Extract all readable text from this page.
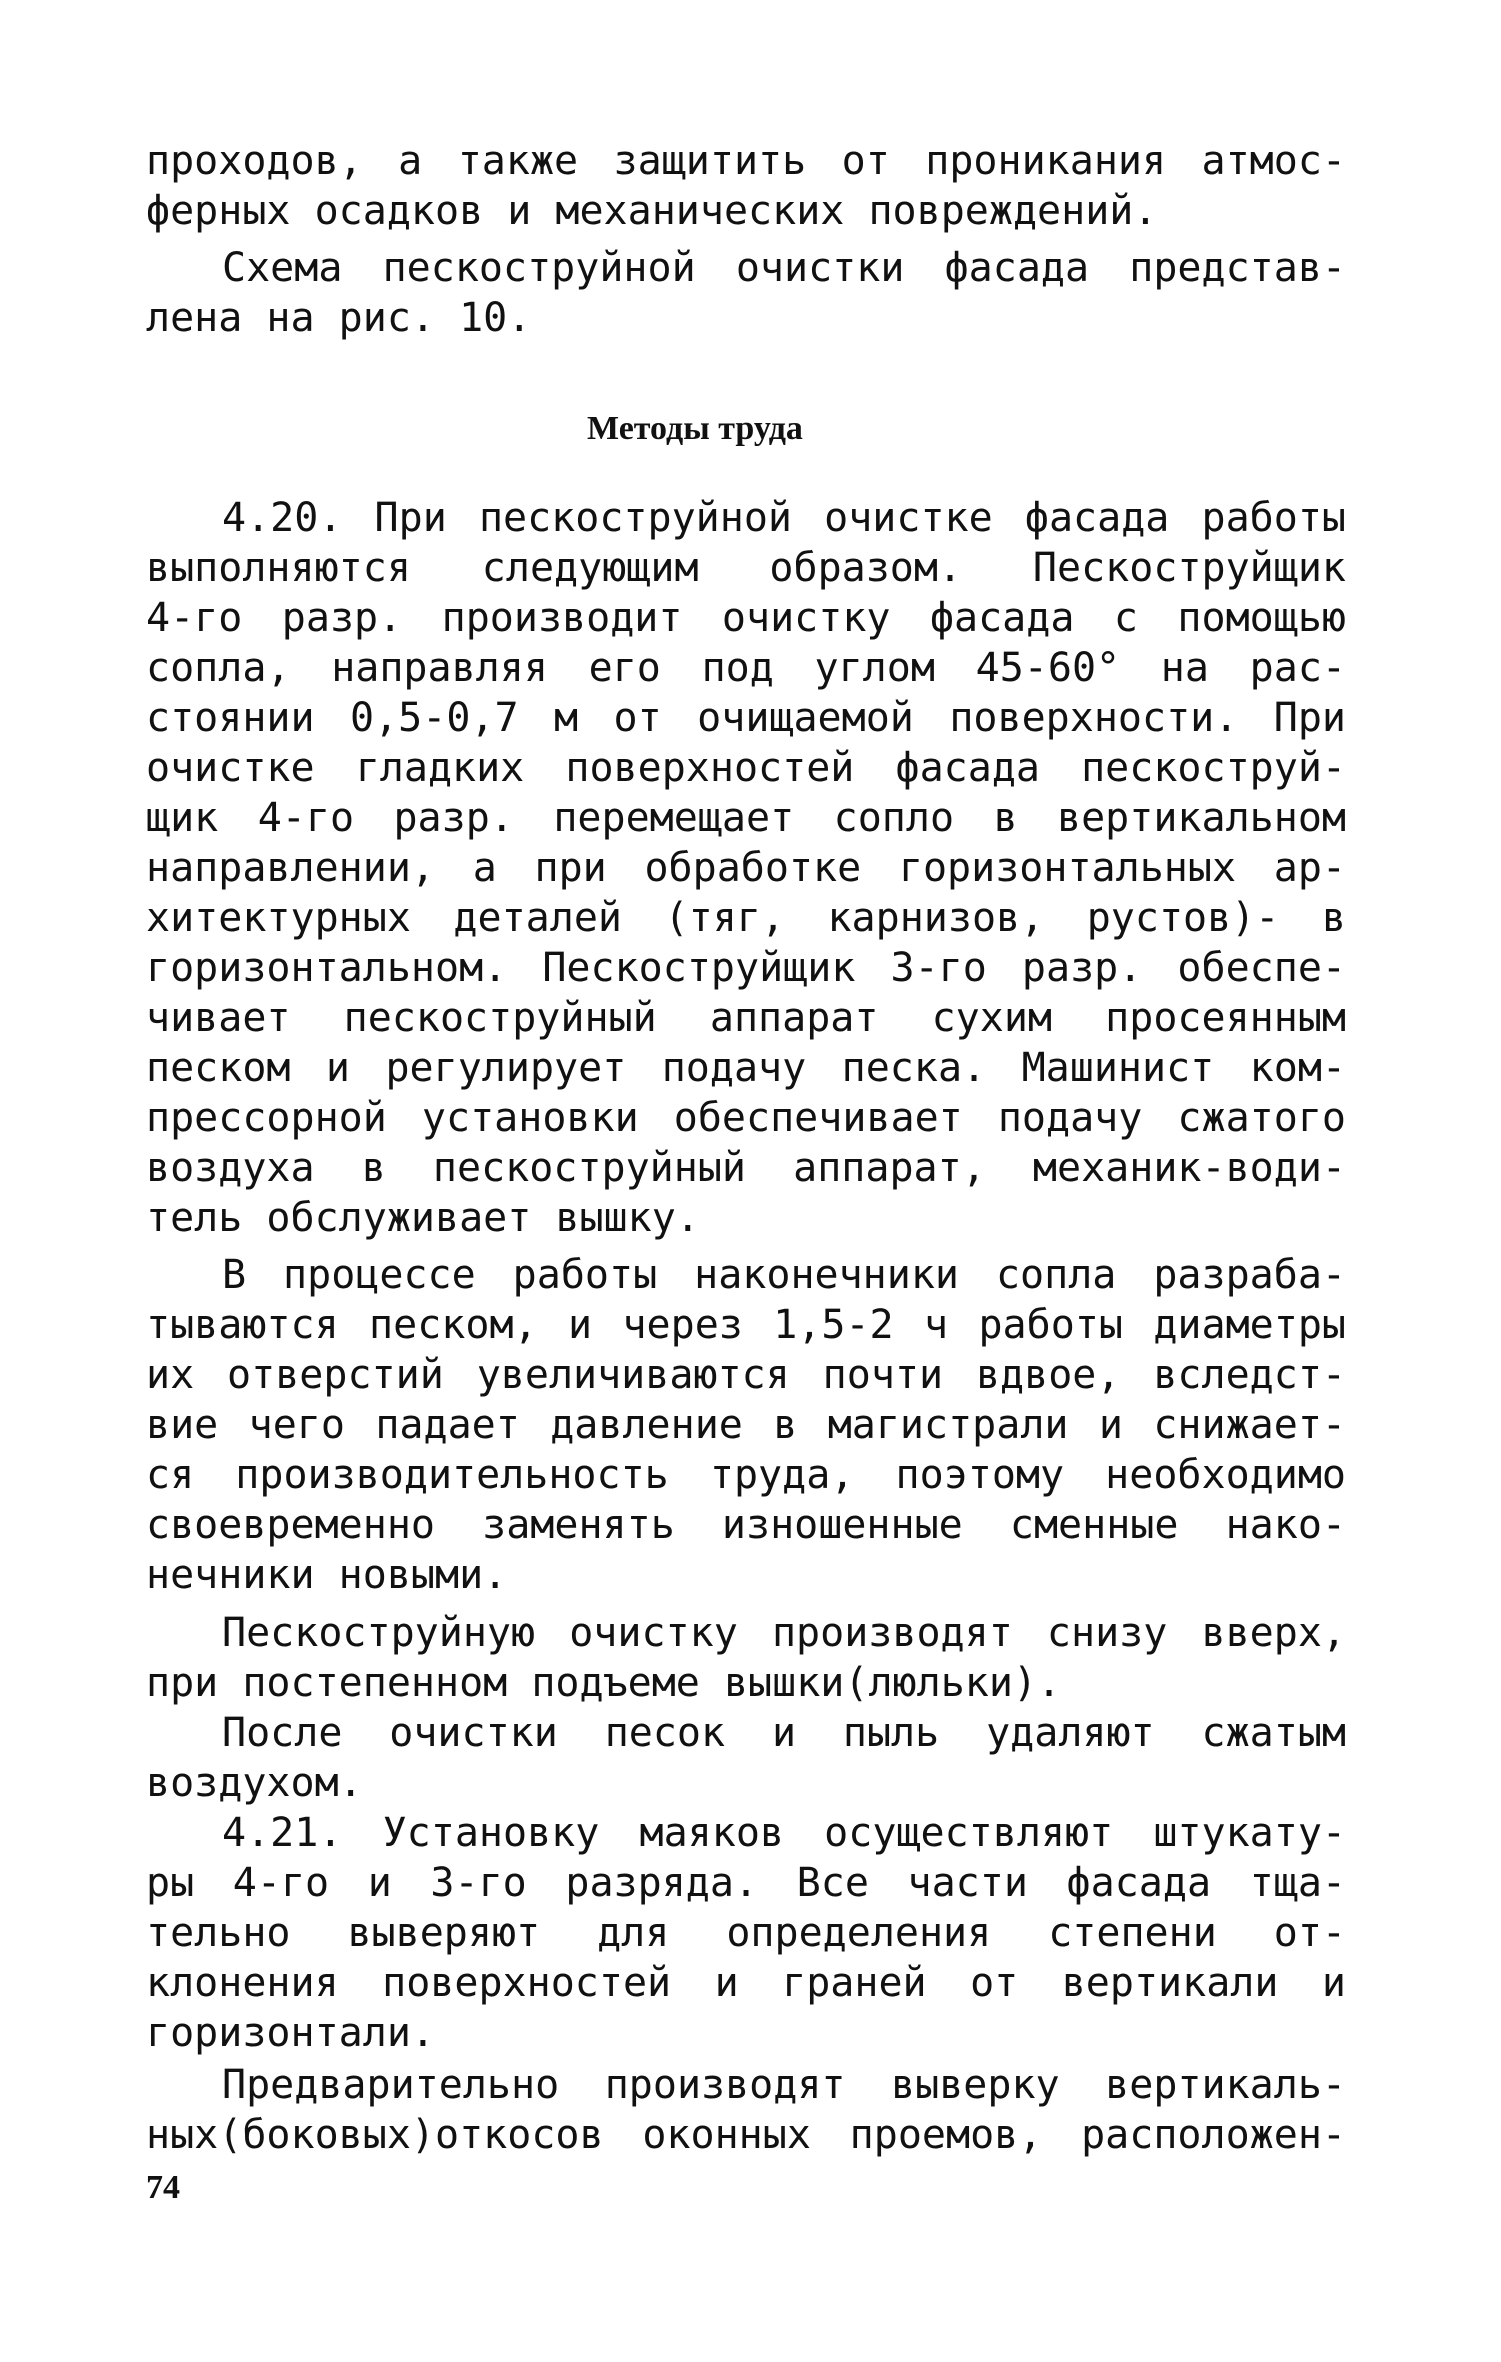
проходов, а также защитить от проникания атмос-
ферных осадков и механических повреждений.
Схема пескоструйной очистки фасада представ-
лена на рис. 10.
Методы труда
4.20. При пескоструйной очистке фасада работы
выполняются следующим образом. Пескоструйщик
4-го разр. производит очистку фасада с помощью
сопла, направляя его под углом 45-60° на рас-
стоянии 0,5-0,7 м от очищаемой поверхности. При
очистке гладких поверхностей фасада пескоструй-
щик 4-го разр. перемещает сопло в вертикальном
направлении, а при обработке горизонтальных ар-
хитектурных деталей (тяг, карнизов, рустов)- в
горизонтальном. Пескоструйщик 3-го разр. обеспе-
чивает пескоструйный аппарат сухим просеянным
песком и регулирует подачу песка. Машинист ком-
прессорной установки обеспечивает подачу сжатого
воздуха в пескоструйный аппарат, механик-води-
тель обслуживает вышку.
В процессе работы наконечники сопла разраба-
тываются песком, и через 1,5-2 ч работы диаметры
их отверстий увеличиваются почти вдвое, вследст-
вие чего падает давление в магистрали и снижает-
ся производительность труда, поэтому необходимо
своевременно заменять изношенные сменные нако-
нечники новыми.
Пескоструйную очистку производят снизу вверх,
при постепенном подъеме вышки(люльки).
После очистки песок и пыль удаляют сжатым
воздухом.
4.21. Установку маяков осуществляют штукату-
ры 4-го и 3-го разряда. Все части фасада тща-
тельно выверяют для определения степени от-
клонения поверхностей и граней от вертикали и
горизонтали.
Предварительно производят выверку вертикаль-
ных(боковых)откосов оконных проемов, расположен-
74
